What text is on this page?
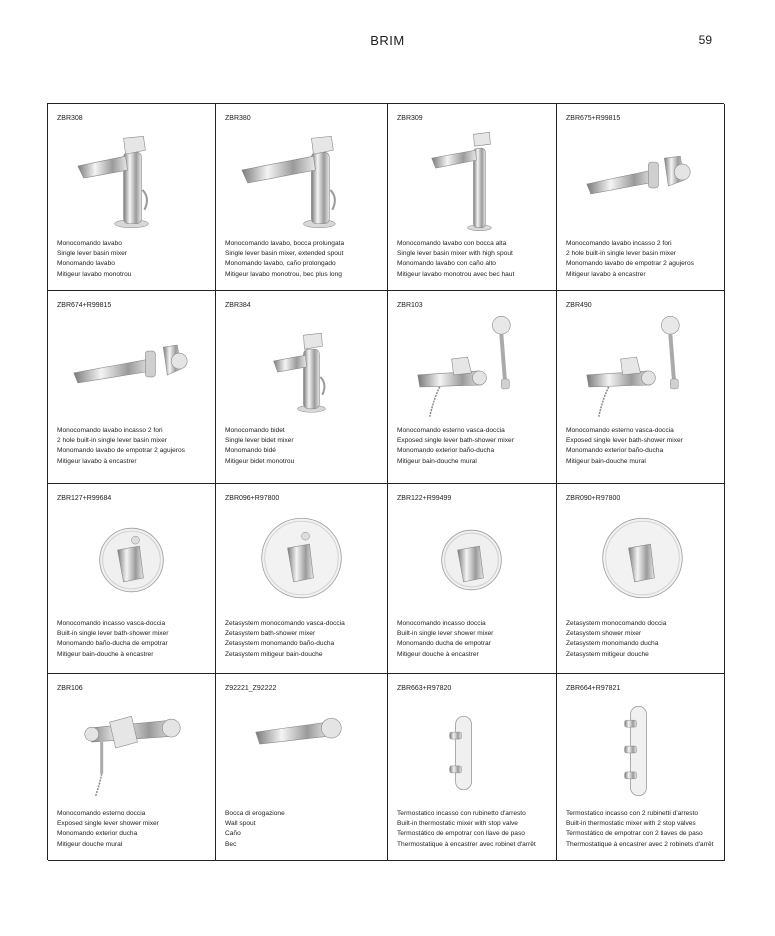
BRIM	59
ZBR308
Monocomando lavabo
Single lever basin mixer
Monomando lavabo
Mitigeur lavabo monotrou
ZBR380
Monocomando lavabo, bocca prolungata
Single lever basin mixer, extended spout
Monomando lavabo, caño prolongado
Mitigeur lavabo monotrou, bec plus long
ZBR309
Monocomando lavabo con bocca alta
Single lever basin mixer with high spout
Monomando lavabo con caño alto
Mitigeur lavabo monotrou avec bec haut
ZBR675+R99815
Monocomando lavabo incasso 2 fori
2 hole built-in single lever basin mixer
Monomando lavabo de empotrar 2 agujeros
Mitigeur lavabo à encastrer
ZBR674+R99815
Monocomando lavabo incasso 2 fori
2 hole built-in single lever basin mixer
Monomando lavabo de empotrar 2 agujeros
Mitigeur lavabo à encastrer
ZBR384
Monocomando bidet
Single lever bidet mixer
Monomando bidé
Mitigeur bidet monotrou
ZBR103
Monocomando esterno vasca-doccia
Exposed single lever bath-shower mixer
Monomando exterior baño-ducha
Mitigeur bain-douche mural
ZBR490
Monocomando esterno vasca-doccia
Exposed single lever bath-shower mixer
Monomando exterior baño-ducha
Mitigeur bain-douche mural
ZBR127+R99684
Monocomando incasso vasca-doccia
Built-in single lever bath-shower mixer
Monomando baño-ducha de empotrar
Mitigeur bain-douche à encastrer
ZBR096+R97800
Zetasystem monocomando vasca-doccia
Zetasystem bath-shower mixer
Zetasystem monomando baño-ducha
Zetasystem mitigeur bain-douche
ZBR122+R99499
Monocomando incasso doccia
Built-in single lever shower mixer
Monomando ducha de empotrar
Mitigeur douche à encastrer
ZBR090+R97800
Zetasystem monocomando doccia
Zetasystem shower mixer
Zetasystem monomando ducha
Zetasystem mitigeur douche
ZBR106
Monocomando esterno doccia
Exposed single lever shower mixer
Monomando exterior ducha
Mitigeur douche mural
Z92221_Z92222
Bocca di erogazione
Wall spout
Caño
Bec
ZBR663+R97820
Termostatico incasso con rubinetto d'arresto
Built-in thermostatic mixer with stop valve
Termostático de empotrar con llave de paso
Thermostatique à encastrer avec robinet d'arrêt
ZBR664+R97821
Termostatico incasso con 2 rubinetti d'arresto
Built-in thermostatic mixer with 2 stop valves
Termostático de empotrar con 2 llaves de paso
Thermostatique à encastrer avec 2 robinets d'arrêt
